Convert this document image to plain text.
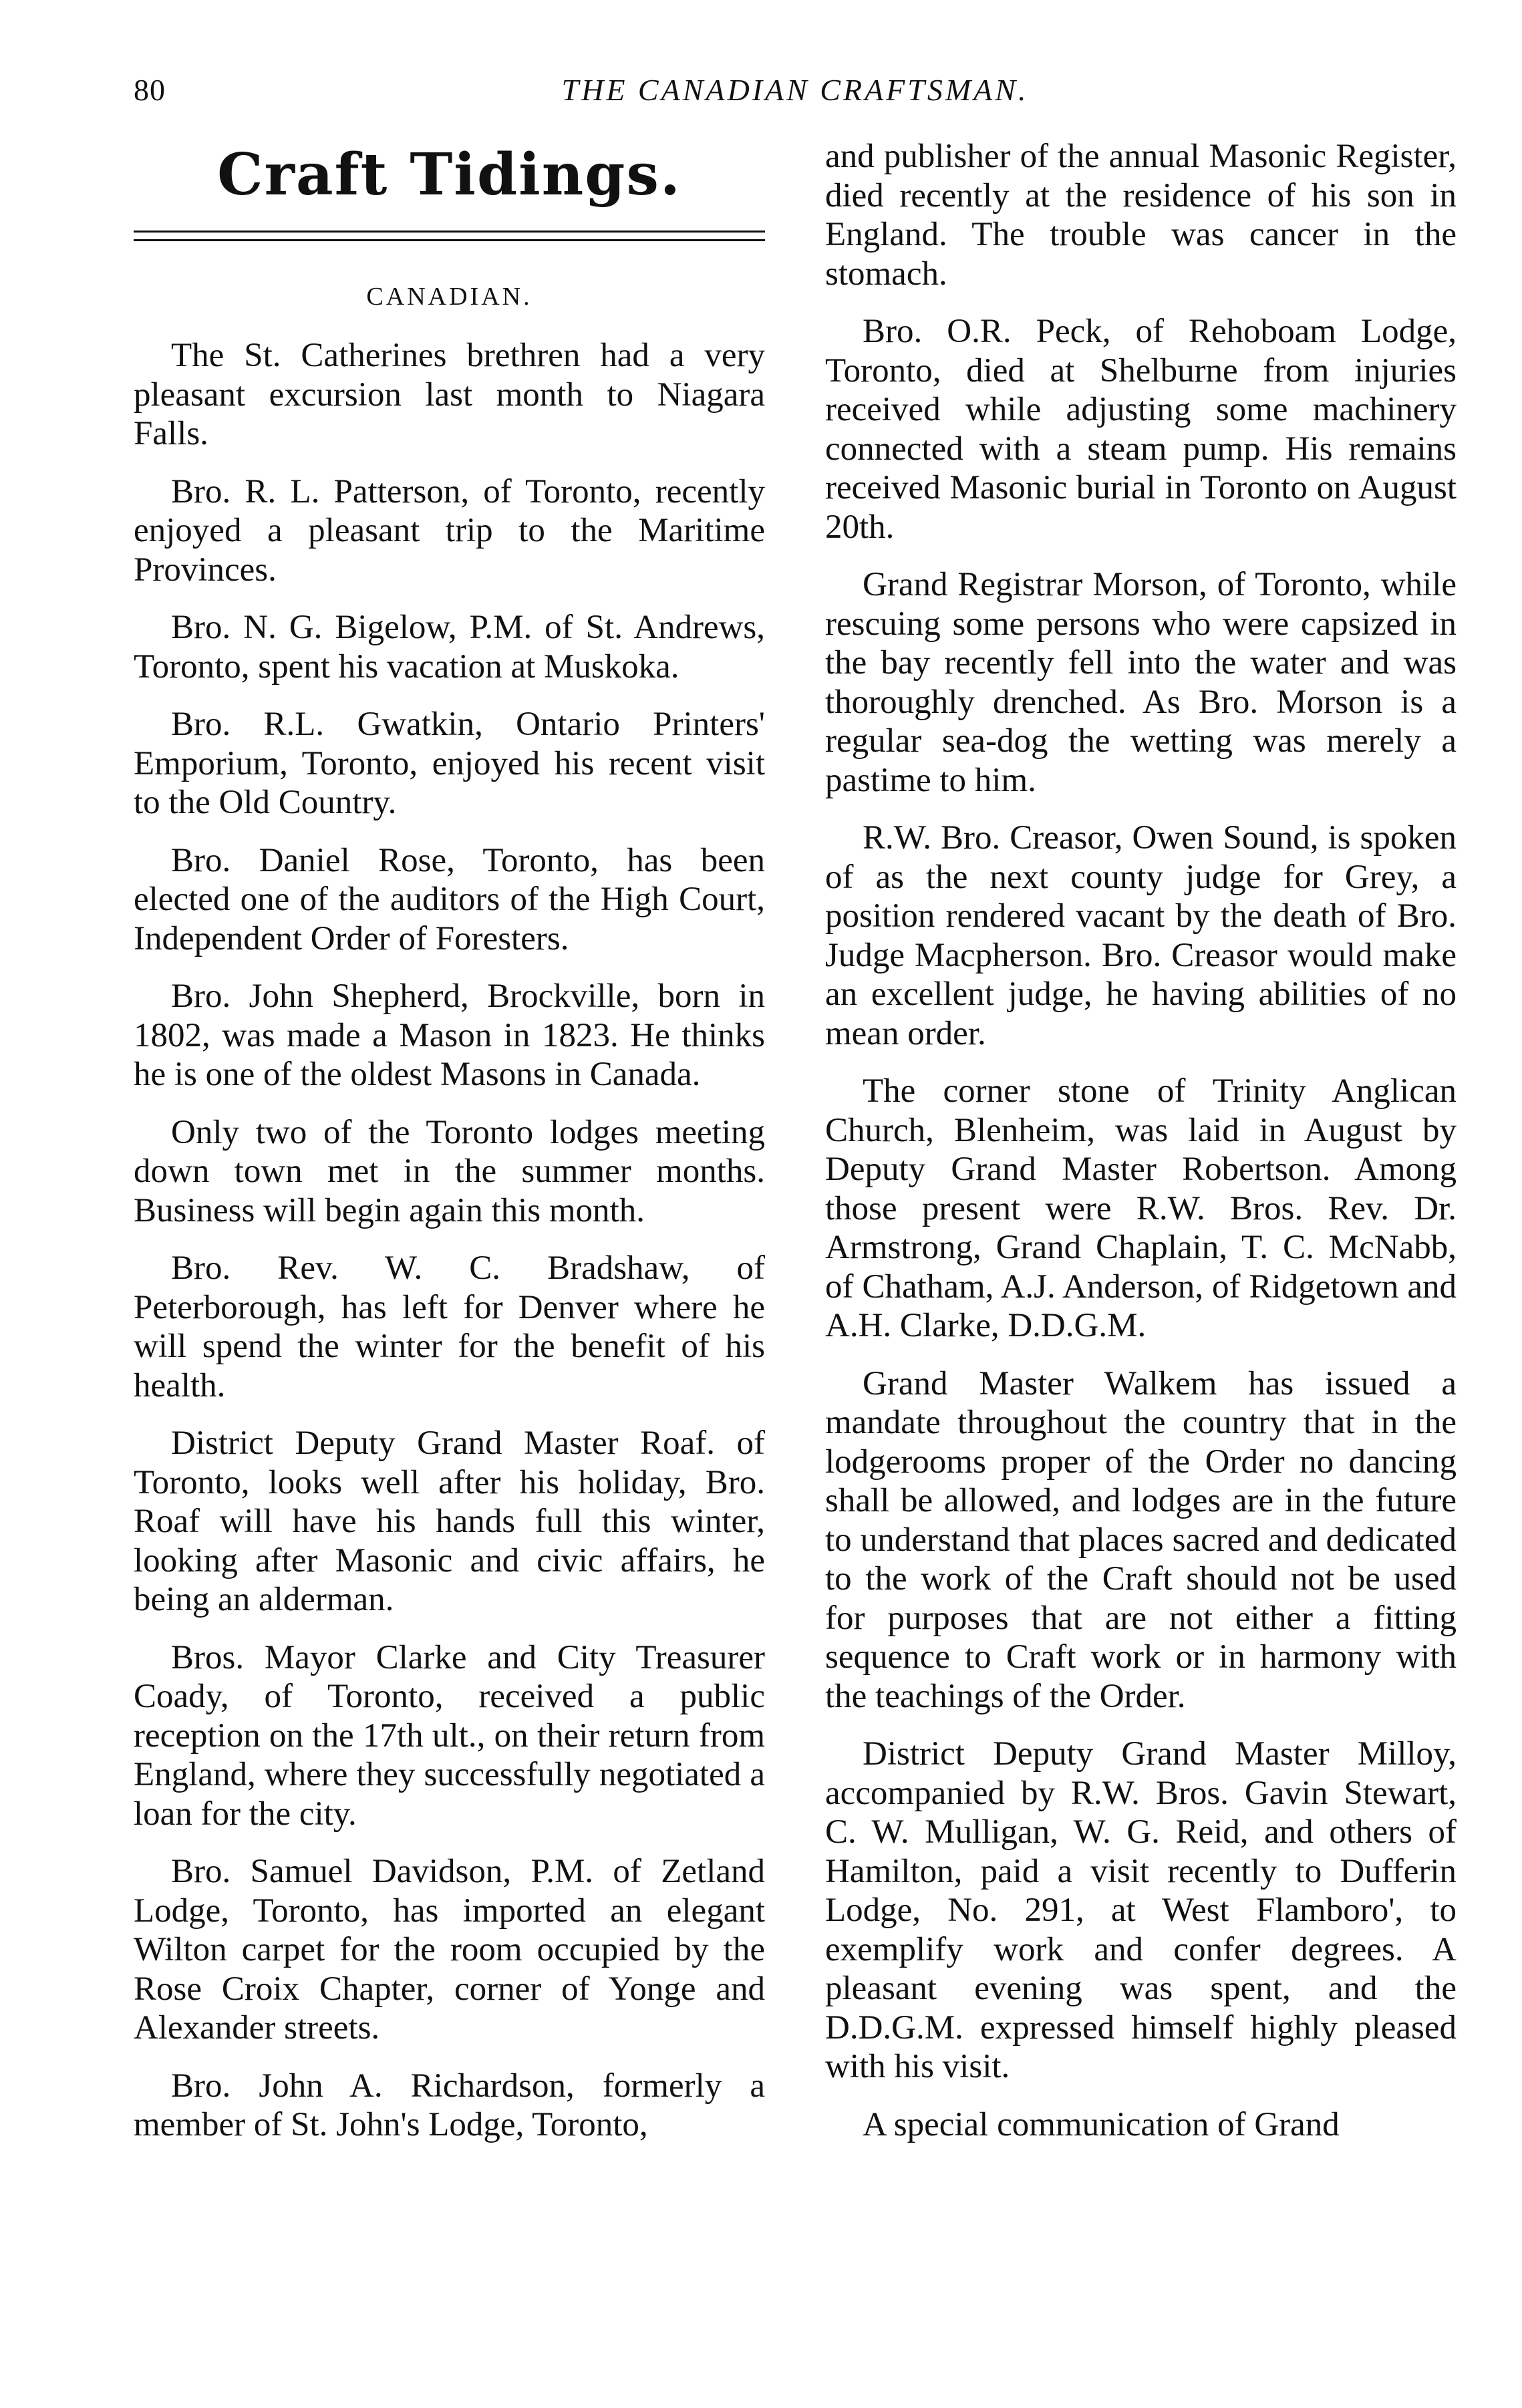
80	THE CANADIAN CRAFTSMAN.
Craft Tidings.
CANADIAN.

The St. Catherines brethren had a very pleasant excursion last month to Niagara Falls.

Bro. R. L. Patterson, of Toronto, recently enjoyed a pleasant trip to the Maritime Provinces.

Bro. N. G. Bigelow, P.M. of St. Andrews, Toronto, spent his vacation at Muskoka.

Bro. R.L. Gwatkin, Ontario Printers' Emporium, Toronto, enjoyed his recent visit to the Old Country.

Bro. Daniel Rose, Toronto, has been elected one of the auditors of the High Court, Independent Order of Foresters.

Bro. John Shepherd, Brockville, born in 1802, was made a Mason in 1823. He thinks he is one of the oldest Masons in Canada.

Only two of the Toronto lodges meeting down town met in the summer months. Business will begin again this month.

Bro. Rev. W. C. Bradshaw, of Peterborough, has left for Denver where he will spend the winter for the benefit of his health.

District Deputy Grand Master Roaf. of Toronto, looks well after his holiday, Bro. Roaf will have his hands full this winter, looking after Masonic and civic affairs, he being an alderman.

Bros. Mayor Clarke and City Treasurer Coady, of Toronto, received a public reception on the 17th ult., on their return from England, where they successfully negotiated a loan for the city.

Bro. Samuel Davidson, P.M. of Zetland Lodge, Toronto, has imported an elegant Wilton carpet for the room occupied by the Rose Croix Chapter, corner of Yonge and Alexander streets.

Bro. John A. Richardson, formerly a member of St. John's Lodge, Toronto,

and publisher of the annual Masonic Register, died recently at the residence of his son in England. The trouble was cancer in the stomach.

Bro. O.R. Peck, of Rehoboam Lodge, Toronto, died at Shelburne from injuries received while adjusting some machinery connected with a steam pump. His remains received Masonic burial in Toronto on August 20th.

Grand Registrar Morson, of Toronto, while rescuing some persons who were capsized in the bay recently fell into the water and was thoroughly drenched. As Bro. Morson is a regular sea-dog the wetting was merely a pastime to him.

R.W. Bro. Creasor, Owen Sound, is spoken of as the next county judge for Grey, a position rendered vacant by the death of Bro. Judge Macpherson. Bro. Creasor would make an excellent judge, he having abilities of no mean order.

The corner stone of Trinity Anglican Church, Blenheim, was laid in August by Deputy Grand Master Robertson. Among those present were R.W. Bros. Rev. Dr. Armstrong, Grand Chaplain, T. C. McNabb, of Chatham, A.J. Anderson, of Ridgetown and A.H. Clarke, D.D.G.M.

Grand Master Walkem has issued a mandate throughout the country that in the lodgerooms proper of the Order no dancing shall be allowed, and lodges are in the future to understand that places sacred and dedicated to the work of the Craft should not be used for purposes that are not either a fitting sequence to Craft work or in harmony with the teachings of the Order.

District Deputy Grand Master Milloy, accompanied by R.W. Bros. Gavin Stewart, C. W. Mulligan, W. G. Reid, and others of Hamilton, paid a visit recently to Dufferin Lodge, No. 291, at West Flamboro', to exemplify work and confer degrees. A pleasant evening was spent, and the D.D.G.M. expressed himself highly pleased with his visit.

A special communication of Grand
